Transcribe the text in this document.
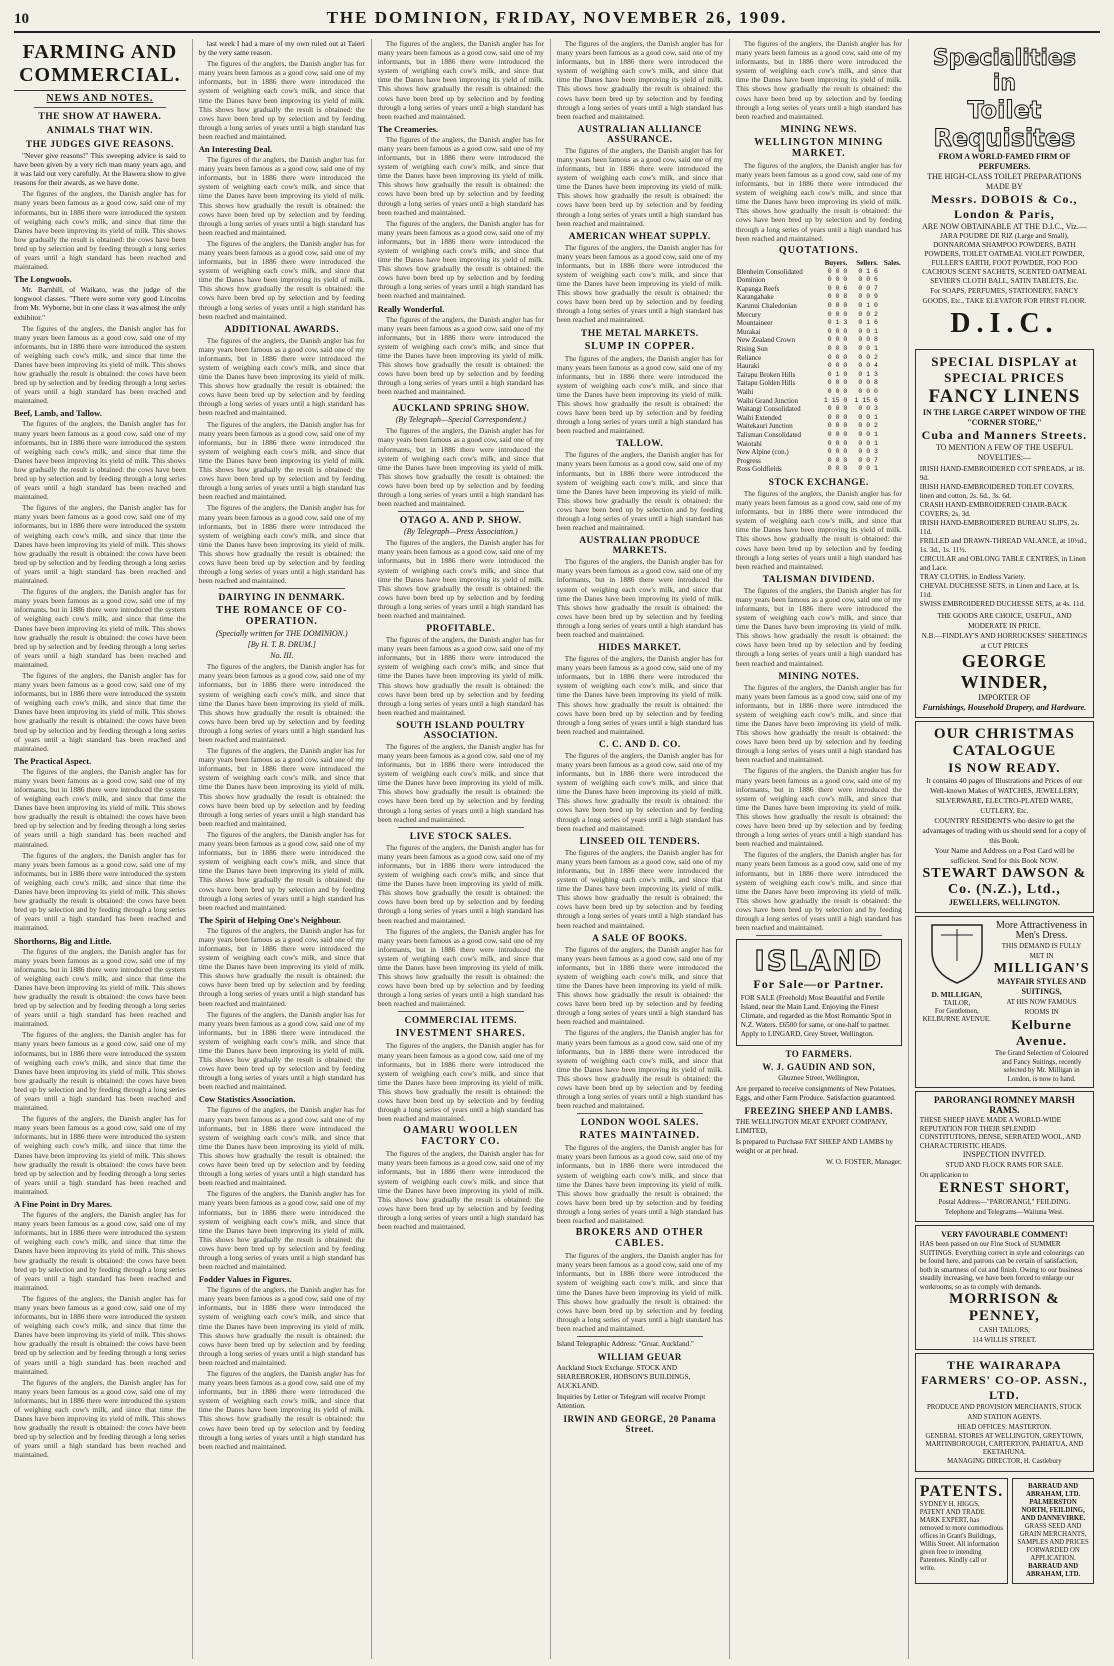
10	THE DOMINION, FRIDAY, NOVEMBER 26, 1909.
FARMING AND COMMERCIAL.
NEWS AND NOTES.
THE SHOW AT HAWERA.
ANIMALS THAT WIN.
THE JUDGES GIVE REASONS.

"Never give reasons!" This sweeping advice is said to have been given by a very rich man many years ago, and it was laid out very carefully. At the Hawera show to give reasons for their awards, as we have done.

The figures of the anglers, the Danish angler has for many years been famous as a good cow, said one of my informants, but in 1886 there were introduced the system of weighing each cow's milk, and since that time the Danes have been improving its yield of milk. This shows how gradually the result is obtained: the cows have been bred up by selection and by feeding through a long series of years until a high standard has been reached and maintained.

The Longwools.

Mr. Barnhill, of Waikato, was the judge of the longwool classes. "There were some very good Lincolns from Mr. Wyborne, but in one class it was almost the only exhibitor."

The figures of the anglers, the Danish angler has for many years been famous as a good cow, said one of my informants, but in 1886 there were introduced the system of weighing each cow's milk, and since that time the Danes have been improving its yield of milk. This shows how gradually the result is obtained: the cows have been bred up by selection and by feeding through a long series of years until a high standard has been reached and maintained.

Beef, Lamb, and Tallow.

The figures of the anglers, the Danish angler has for many years been famous as a good cow, said one of my informants, but in 1886 there were introduced the system of weighing each cow's milk, and since that time the Danes have been improving its yield of milk. This shows how gradually the result is obtained: the cows have been bred up by selection and by feeding through a long series of years until a high standard has been reached and maintained.

The figures of the anglers, the Danish angler has for many years been famous as a good cow, said one of my informants, but in 1886 there were introduced the system of weighing each cow's milk, and since that time the Danes have been improving its yield of milk. This shows how gradually the result is obtained: the cows have been bred up by selection and by feeding through a long series of years until a high standard has been reached and maintained.

The figures of the anglers, the Danish angler has for many years been famous as a good cow, said one of my informants, but in 1886 there were introduced the system of weighing each cow's milk, and since that time the Danes have been improving its yield of milk. This shows how gradually the result is obtained: the cows have been bred up by selection and by feeding through a long series of years until a high standard has been reached and maintained.

The figures of the anglers, the Danish angler has for many years been famous as a good cow, said one of my informants, but in 1886 there were introduced the system of weighing each cow's milk, and since that time the Danes have been improving its yield of milk. This shows how gradually the result is obtained: the cows have been bred up by selection and by feeding through a long series of years until a high standard has been reached and maintained.

The Practical Aspect.

The figures of the anglers, the Danish angler has for many years been famous as a good cow, said one of my informants, but in 1886 there were introduced the system of weighing each cow's milk, and since that time the Danes have been improving its yield of milk. This shows how gradually the result is obtained: the cows have been bred up by selection and by feeding through a long series of years until a high standard has been reached and maintained.

The figures of the anglers, the Danish angler has for many years been famous as a good cow, said one of my informants, but in 1886 there were introduced the system of weighing each cow's milk, and since that time the Danes have been improving its yield of milk. This shows how gradually the result is obtained: the cows have been bred up by selection and by feeding through a long series of years until a high standard has been reached and maintained.

Shorthorns, Big and Little.

The figures of the anglers, the Danish angler has for many years been famous as a good cow, said one of my informants, but in 1886 there were introduced the system of weighing each cow's milk, and since that time the Danes have been improving its yield of milk. This shows how gradually the result is obtained: the cows have been bred up by selection and by feeding through a long series of years until a high standard has been reached and maintained.

The figures of the anglers, the Danish angler has for many years been famous as a good cow, said one of my informants, but in 1886 there were introduced the system of weighing each cow's milk, and since that time the Danes have been improving its yield of milk. This shows how gradually the result is obtained: the cows have been bred up by selection and by feeding through a long series of years until a high standard has been reached and maintained.

The figures of the anglers, the Danish angler has for many years been famous as a good cow, said one of my informants, but in 1886 there were introduced the system of weighing each cow's milk, and since that time the Danes have been improving its yield of milk. This shows how gradually the result is obtained: the cows have been bred up by selection and by feeding through a long series of years until a high standard has been reached and maintained.

A Fine Point in Dry Mares.

The figures of the anglers, the Danish angler has for many years been famous as a good cow, said one of my informants, but in 1886 there were introduced the system of weighing each cow's milk, and since that time the Danes have been improving its yield of milk. This shows how gradually the result is obtained: the cows have been bred up by selection and by feeding through a long series of years until a high standard has been reached and maintained.

The figures of the anglers, the Danish angler has for many years been famous as a good cow, said one of my informants, but in 1886 there were introduced the system of weighing each cow's milk, and since that time the Danes have been improving its yield of milk. This shows how gradually the result is obtained: the cows have been bred up by selection and by feeding through a long series of years until a high standard has been reached and maintained.

The figures of the anglers, the Danish angler has for many years been famous as a good cow, said one of my informants, but in 1886 there were introduced the system of weighing each cow's milk, and since that time the Danes have been improving its yield of milk. This shows how gradually the result is obtained: the cows have been bred up by selection and by feeding through a long series of years until a high standard has been reached and maintained.

last week I had a mare of my own ruled out at Taieri by the very same reason.

The figures of the anglers, the Danish angler has for many years been famous as a good cow, said one of my informants, but in 1886 there were introduced the system of weighing each cow's milk, and since that time the Danes have been improving its yield of milk. This shows how gradually the result is obtained: the cows have been bred up by selection and by feeding through a long series of years until a high standard has been reached and maintained.

An Interesting Deal.

The figures of the anglers, the Danish angler has for many years been famous as a good cow, said one of my informants, but in 1886 there were introduced the system of weighing each cow's milk, and since that time the Danes have been improving its yield of milk. This shows how gradually the result is obtained: the cows have been bred up by selection and by feeding through a long series of years until a high standard has been reached and maintained.

The figures of the anglers, the Danish angler has for many years been famous as a good cow, said one of my informants, but in 1886 there were introduced the system of weighing each cow's milk, and since that time the Danes have been improving its yield of milk. This shows how gradually the result is obtained: the cows have been bred up by selection and by feeding through a long series of years until a high standard has been reached and maintained.

ADDITIONAL AWARDS.

The figures of the anglers, the Danish angler has for many years been famous as a good cow, said one of my informants, but in 1886 there were introduced the system of weighing each cow's milk, and since that time the Danes have been improving its yield of milk. This shows how gradually the result is obtained: the cows have been bred up by selection and by feeding through a long series of years until a high standard has been reached and maintained.

The figures of the anglers, the Danish angler has for many years been famous as a good cow, said one of my informants, but in 1886 there were introduced the system of weighing each cow's milk, and since that time the Danes have been improving its yield of milk. This shows how gradually the result is obtained: the cows have been bred up by selection and by feeding through a long series of years until a high standard has been reached and maintained.

The figures of the anglers, the Danish angler has for many years been famous as a good cow, said one of my informants, but in 1886 there were introduced the system of weighing each cow's milk, and since that time the Danes have been improving its yield of milk. This shows how gradually the result is obtained: the cows have been bred up by selection and by feeding through a long series of years until a high standard has been reached and maintained.

DAIRYING IN DENMARK.
THE ROMANCE OF CO-OPERATION.
(Specially written for THE DOMINION.)
[By H. T. B. DRUM.]
No. III.

The figures of the anglers, the Danish angler has for many years been famous as a good cow, said one of my informants, but in 1886 there were introduced the system of weighing each cow's milk, and since that time the Danes have been improving its yield of milk. This shows how gradually the result is obtained: the cows have been bred up by selection and by feeding through a long series of years until a high standard has been reached and maintained.

The figures of the anglers, the Danish angler has for many years been famous as a good cow, said one of my informants, but in 1886 there were introduced the system of weighing each cow's milk, and since that time the Danes have been improving its yield of milk. This shows how gradually the result is obtained: the cows have been bred up by selection and by feeding through a long series of years until a high standard has been reached and maintained.

The figures of the anglers, the Danish angler has for many years been famous as a good cow, said one of my informants, but in 1886 there were introduced the system of weighing each cow's milk, and since that time the Danes have been improving its yield of milk. This shows how gradually the result is obtained: the cows have been bred up by selection and by feeding through a long series of years until a high standard has been reached and maintained.

The Spirit of Helping One's Neighbour.

The figures of the anglers, the Danish angler has for many years been famous as a good cow, said one of my informants, but in 1886 there were introduced the system of weighing each cow's milk, and since that time the Danes have been improving its yield of milk. This shows how gradually the result is obtained: the cows have been bred up by selection and by feeding through a long series of years until a high standard has been reached and maintained.

The figures of the anglers, the Danish angler has for many years been famous as a good cow, said one of my informants, but in 1886 there were introduced the system of weighing each cow's milk, and since that time the Danes have been improving its yield of milk. This shows how gradually the result is obtained: the cows have been bred up by selection and by feeding through a long series of years until a high standard has been reached and maintained.

Cow Statistics Association.

The figures of the anglers, the Danish angler has for many years been famous as a good cow, said one of my informants, but in 1886 there were introduced the system of weighing each cow's milk, and since that time the Danes have been improving its yield of milk. This shows how gradually the result is obtained: the cows have been bred up by selection and by feeding through a long series of years until a high standard has been reached and maintained.

The figures of the anglers, the Danish angler has for many years been famous as a good cow, said one of my informants, but in 1886 there were introduced the system of weighing each cow's milk, and since that time the Danes have been improving its yield of milk. This shows how gradually the result is obtained: the cows have been bred up by selection and by feeding through a long series of years until a high standard has been reached and maintained.

Fodder Values in Figures.

The figures of the anglers, the Danish angler has for many years been famous as a good cow, said one of my informants, but in 1886 there were introduced the system of weighing each cow's milk, and since that time the Danes have been improving its yield of milk. This shows how gradually the result is obtained: the cows have been bred up by selection and by feeding through a long series of years until a high standard has been reached and maintained.

The figures of the anglers, the Danish angler has for many years been famous as a good cow, said one of my informants, but in 1886 there were introduced the system of weighing each cow's milk, and since that time the Danes have been improving its yield of milk. This shows how gradually the result is obtained: the cows have been bred up by selection and by feeding through a long series of years until a high standard has been reached and maintained.

The figures of the anglers, the Danish angler has for many years been famous as a good cow, said one of my informants, but in 1886 there were introduced the system of weighing each cow's milk, and since that time the Danes have been improving its yield of milk. This shows how gradually the result is obtained: the cows have been bred up by selection and by feeding through a long series of years until a high standard has been reached and maintained.

The Creameries.

The figures of the anglers, the Danish angler has for many years been famous as a good cow, said one of my informants, but in 1886 there were introduced the system of weighing each cow's milk, and since that time the Danes have been improving its yield of milk. This shows how gradually the result is obtained: the cows have been bred up by selection and by feeding through a long series of years until a high standard has been reached and maintained.

The figures of the anglers, the Danish angler has for many years been famous as a good cow, said one of my informants, but in 1886 there were introduced the system of weighing each cow's milk, and since that time the Danes have been improving its yield of milk. This shows how gradually the result is obtained: the cows have been bred up by selection and by feeding through a long series of years until a high standard has been reached and maintained.

Really Wonderful.

The figures of the anglers, the Danish angler has for many years been famous as a good cow, said one of my informants, but in 1886 there were introduced the system of weighing each cow's milk, and since that time the Danes have been improving its yield of milk. This shows how gradually the result is obtained: the cows have been bred up by selection and by feeding through a long series of years until a high standard has been reached and maintained.

AUCKLAND SPRING SHOW.
(By Telegraph—Special Correspondent.)

The figures of the anglers, the Danish angler has for many years been famous as a good cow, said one of my informants, but in 1886 there were introduced the system of weighing each cow's milk, and since that time the Danes have been improving its yield of milk. This shows how gradually the result is obtained: the cows have been bred up by selection and by feeding through a long series of years until a high standard has been reached and maintained.

OTAGO A. AND P. SHOW.
(By Telegraph—Press Association.)

The figures of the anglers, the Danish angler has for many years been famous as a good cow, said one of my informants, but in 1886 there were introduced the system of weighing each cow's milk, and since that time the Danes have been improving its yield of milk. This shows how gradually the result is obtained: the cows have been bred up by selection and by feeding through a long series of years until a high standard has been reached and maintained.

PROFITABLE.

The figures of the anglers, the Danish angler has for many years been famous as a good cow, said one of my informants, but in 1886 there were introduced the system of weighing each cow's milk, and since that time the Danes have been improving its yield of milk. This shows how gradually the result is obtained: the cows have been bred up by selection and by feeding through a long series of years until a high standard has been reached and maintained.

SOUTH ISLAND POULTRY ASSOCIATION.

The figures of the anglers, the Danish angler has for many years been famous as a good cow, said one of my informants, but in 1886 there were introduced the system of weighing each cow's milk, and since that time the Danes have been improving its yield of milk. This shows how gradually the result is obtained: the cows have been bred up by selection and by feeding through a long series of years until a high standard has been reached and maintained.

LIVE STOCK SALES.

The figures of the anglers, the Danish angler has for many years been famous as a good cow, said one of my informants, but in 1886 there were introduced the system of weighing each cow's milk, and since that time the Danes have been improving its yield of milk. This shows how gradually the result is obtained: the cows have been bred up by selection and by feeding through a long series of years until a high standard has been reached and maintained.

The figures of the anglers, the Danish angler has for many years been famous as a good cow, said one of my informants, but in 1886 there were introduced the system of weighing each cow's milk, and since that time the Danes have been improving its yield of milk. This shows how gradually the result is obtained: the cows have been bred up by selection and by feeding through a long series of years until a high standard has been reached and maintained.

COMMERCIAL ITEMS.
INVESTMENT SHARES.

The figures of the anglers, the Danish angler has for many years been famous as a good cow, said one of my informants, but in 1886 there were introduced the system of weighing each cow's milk, and since that time the Danes have been improving its yield of milk. This shows how gradually the result is obtained: the cows have been bred up by selection and by feeding through a long series of years until a high standard has been reached and maintained.

OAMARU WOOLLEN FACTORY CO.

The figures of the anglers, the Danish angler has for many years been famous as a good cow, said one of my informants, but in 1886 there were introduced the system of weighing each cow's milk, and since that time the Danes have been improving its yield of milk. This shows how gradually the result is obtained: the cows have been bred up by selection and by feeding through a long series of years until a high standard has been reached and maintained.

The figures of the anglers, the Danish angler has for many years been famous as a good cow, said one of my informants, but in 1886 there were introduced the system of weighing each cow's milk, and since that time the Danes have been improving its yield of milk. This shows how gradually the result is obtained: the cows have been bred up by selection and by feeding through a long series of years until a high standard has been reached and maintained.

AUSTRALIAN ALLIANCE ASSURANCE.

The figures of the anglers, the Danish angler has for many years been famous as a good cow, said one of my informants, but in 1886 there were introduced the system of weighing each cow's milk, and since that time the Danes have been improving its yield of milk. This shows how gradually the result is obtained: the cows have been bred up by selection and by feeding through a long series of years until a high standard has been reached and maintained.

AMERICAN WHEAT SUPPLY.

The figures of the anglers, the Danish angler has for many years been famous as a good cow, said one of my informants, but in 1886 there were introduced the system of weighing each cow's milk, and since that time the Danes have been improving its yield of milk. This shows how gradually the result is obtained: the cows have been bred up by selection and by feeding through a long series of years until a high standard has been reached and maintained.

THE METAL MARKETS.
SLUMP IN COPPER.

The figures of the anglers, the Danish angler has for many years been famous as a good cow, said one of my informants, but in 1886 there were introduced the system of weighing each cow's milk, and since that time the Danes have been improving its yield of milk. This shows how gradually the result is obtained: the cows have been bred up by selection and by feeding through a long series of years until a high standard has been reached and maintained.

TALLOW.

The figures of the anglers, the Danish angler has for many years been famous as a good cow, said one of my informants, but in 1886 there were introduced the system of weighing each cow's milk, and since that time the Danes have been improving its yield of milk. This shows how gradually the result is obtained: the cows have been bred up by selection and by feeding through a long series of years until a high standard has been reached and maintained.

AUSTRALIAN PRODUCE MARKETS.

The figures of the anglers, the Danish angler has for many years been famous as a good cow, said one of my informants, but in 1886 there were introduced the system of weighing each cow's milk, and since that time the Danes have been improving its yield of milk. This shows how gradually the result is obtained: the cows have been bred up by selection and by feeding through a long series of years until a high standard has been reached and maintained.

HIDES MARKET.

The figures of the anglers, the Danish angler has for many years been famous as a good cow, said one of my informants, but in 1886 there were introduced the system of weighing each cow's milk, and since that time the Danes have been improving its yield of milk. This shows how gradually the result is obtained: the cows have been bred up by selection and by feeding through a long series of years until a high standard has been reached and maintained.

C. C. AND D. CO.

The figures of the anglers, the Danish angler has for many years been famous as a good cow, said one of my informants, but in 1886 there were introduced the system of weighing each cow's milk, and since that time the Danes have been improving its yield of milk. This shows how gradually the result is obtained: the cows have been bred up by selection and by feeding through a long series of years until a high standard has been reached and maintained.

LINSEED OIL TENDERS.

The figures of the anglers, the Danish angler has for many years been famous as a good cow, said one of my informants, but in 1886 there were introduced the system of weighing each cow's milk, and since that time the Danes have been improving its yield of milk. This shows how gradually the result is obtained: the cows have been bred up by selection and by feeding through a long series of years until a high standard has been reached and maintained.

A SALE OF BOOKS.

The figures of the anglers, the Danish angler has for many years been famous as a good cow, said one of my informants, but in 1886 there were introduced the system of weighing each cow's milk, and since that time the Danes have been improving its yield of milk. This shows how gradually the result is obtained: the cows have been bred up by selection and by feeding through a long series of years until a high standard has been reached and maintained.

The figures of the anglers, the Danish angler has for many years been famous as a good cow, said one of my informants, but in 1886 there were introduced the system of weighing each cow's milk, and since that time the Danes have been improving its yield of milk. This shows how gradually the result is obtained: the cows have been bred up by selection and by feeding through a long series of years until a high standard has been reached and maintained.

LONDON WOOL SALES.
RATES MAINTAINED.

The figures of the anglers, the Danish angler has for many years been famous as a good cow, said one of my informants, but in 1886 there were introduced the system of weighing each cow's milk, and since that time the Danes have been improving its yield of milk. This shows how gradually the result is obtained: the cows have been bred up by selection and by feeding through a long series of years until a high standard has been reached and maintained.

BROKERS AND OTHER CABLES.

The figures of the anglers, the Danish angler has for many years been famous as a good cow, said one of my informants, but in 1886 there were introduced the system of weighing each cow's milk, and since that time the Danes have been improving its yield of milk. This shows how gradually the result is obtained: the cows have been bred up by selection and by feeding through a long series of years until a high standard has been reached and maintained.

Island Telegraphic Address: "Gruar, Auckland."
WILLIAM GEUAR
Auckland Stock Exchange. STOCK AND SHAREBROKER, HOBSON'S BUILDINGS, AUCKLAND.
Inquiries by Letter or Telegram will receive Prompt Attention.
IRWIN AND GEORGE, 20 Panama Street.

The figures of the anglers, the Danish angler has for many years been famous as a good cow, said one of my informants, but in 1886 there were introduced the system of weighing each cow's milk, and since that time the Danes have been improving its yield of milk. This shows how gradually the result is obtained: the cows have been bred up by selection and by feeding through a long series of years until a high standard has been reached and maintained.

MINING NEWS.
WELLINGTON MINING MARKET.

The figures of the anglers, the Danish angler has for many years been famous as a good cow, said one of my informants, but in 1886 there were introduced the system of weighing each cow's milk, and since that time the Danes have been improving its yield of milk. This shows how gradually the result is obtained: the cows have been bred up by selection and by feeding through a long series of years until a high standard has been reached and maintained.

QUOTATIONS.
	Buyers.	Sellers.	Sales.
Blenheim Consolidated	0 0 0	0 1 6	
Dominion	0 0 0	0 0 6	
Kapanga Reefs	0 0 6	0 0 7	
Karangahake	0 0 8	0 0 9	
Karunui Chaledonian	0 0 0	0 1 0	
Mercury	0 0 0	0 0 2	
Mountaineer	0 1 3	0 1 6	
Murakai	0 0 0	0 0 1	
New Zealand Crown	0 0 0	0 0 8	
Rising Sun	0 0 0	0 0 1	
Reliance	0 0 0	0 0 2	
Hauraki	0 0 0	0 0 4	
Taitapu Broken Hills	0 1 0	0 1 3	
Taitapu Golden Hills	0 0 0	0 0 8	
Waihi	0 0 0	0 0 0	
Waihi Grand Junction	1 15 0	1 15 6	
Waitangi Consolidated	0 0 0	0 0 3	
Waihi Extended	0 0 0	0 0 1	
Waitekauri Junction	0 0 0	0 0 2	
Talisman Consolidated	0 0 0	0 0 1	
Waiotahi	0 0 0	0 0 1	
New Alpine (con.)	0 0 0	0 0 3	
Progress	0 0 0	0 0 7	
Ross Goldfields	0 0 0	0 0 1	
STOCK EXCHANGE.

The figures of the anglers, the Danish angler has for many years been famous as a good cow, said one of my informants, but in 1886 there were introduced the system of weighing each cow's milk, and since that time the Danes have been improving its yield of milk. This shows how gradually the result is obtained: the cows have been bred up by selection and by feeding through a long series of years until a high standard has been reached and maintained.

TALISMAN DIVIDEND.

The figures of the anglers, the Danish angler has for many years been famous as a good cow, said one of my informants, but in 1886 there were introduced the system of weighing each cow's milk, and since that time the Danes have been improving its yield of milk. This shows how gradually the result is obtained: the cows have been bred up by selection and by feeding through a long series of years until a high standard has been reached and maintained.

MINING NOTES.

The figures of the anglers, the Danish angler has for many years been famous as a good cow, said one of my informants, but in 1886 there were introduced the system of weighing each cow's milk, and since that time the Danes have been improving its yield of milk. This shows how gradually the result is obtained: the cows have been bred up by selection and by feeding through a long series of years until a high standard has been reached and maintained.

The figures of the anglers, the Danish angler has for many years been famous as a good cow, said one of my informants, but in 1886 there were introduced the system of weighing each cow's milk, and since that time the Danes have been improving its yield of milk. This shows how gradually the result is obtained: the cows have been bred up by selection and by feeding through a long series of years until a high standard has been reached and maintained.

The figures of the anglers, the Danish angler has for many years been famous as a good cow, said one of my informants, but in 1886 there were introduced the system of weighing each cow's milk, and since that time the Danes have been improving its yield of milk. This shows how gradually the result is obtained: the cows have been bred up by selection and by feeding through a long series of years until a high standard has been reached and maintained.

ISLAND
For Sale—or Partner.
FOR SALE (Freehold) Most Beautiful and Fertile Island, near the Main Land. Enjoying the Finest Climate, and regarded as the Most Romantic Spot in N.Z. Waters. £6500 for same, or one-half to partner. Apply to LINGARD, Grey Street, Wellington.
TO FARMERS.
W. J. GAUDIN AND SON,
Ghuznee Street, Wellington,
Are prepared to receive consignments of New Potatoes, Eggs, and other Farm Produce. Satisfaction guaranteed.
FREEZING SHEEP AND LAMBS.
THE WELLINGTON MEAT EXPORT COMPANY, LIMITED,
Is prepared to Purchase FAT SHEEP AND LAMBS by weight or at per head.
W. O. FOSTER, Manager.
Specialities in
Toilet Requisites
FROM A WORLD-FAMED FIRM OF PERFUMERS.
THE HIGH-CLASS TOILET PREPARATIONS MADE BY
Messrs. DOBOIS & Co., London & Paris,
ARE NOW OBTAINABLE AT THE D.I.C., Viz.—
JARA POUDRE DE RIZ (Large and Small), DONNAROMA SHAMPOO POWDERS, BATH POWDERS, TOILET OATMEAL VIOLET POWDER, FULLER'S EARTH, FOOT POWDER, FOO FOO CACHOUS SCENT SACHETS, SCENTED OATMEAL SEVIER'S CLOTH BALL, SATIN TABLETS, Etc.
For SOAPS, PERFUMES, STATIONERY, FANCY GOODS, Etc., TAKE ELEVATOR FOR FIRST FLOOR.
D.I.C.
SPECIAL DISPLAY at SPECIAL PRICES
FANCY LINENS
IN THE LARGE CARPET WINDOW OF THE "CORNER STORE,"
Cuba and Manners Streets.
TO MENTION A FEW OF THE USEFUL NOVELTIES:—
IRISH HAND-EMBROIDERED COT SPREADS, at 18. 9d.
IRISH HAND-EMBROIDERED TOILET COVERS, linen and cotton, 2s. 6d., 3s. 6d.
CRASH HAND-EMBROIDERED CHAIR-BACK COVERS, 2s. 3d.
IRISH HAND-EMBROIDERED BUREAU SLIPS, 2s. 11d.
FRILLED and DRAWN-THREAD VALANCE, at 10½d., 1s. 3d., 1s. 11½.
CIRCULAR and OBLONG TABLE CENTRES, in Linen and Lace.
TRAY CLOTHS, in Endless Variety.
CHEVAL DUCHESSE SETS, in Linen and Lace, at 1s. 11d.
SWISS EMBROIDERED DUCHESSE SETS, at 4s. 11d.
THE GOODS ARE CHOICE, USEFUL, AND MODERATE IN PRICE.
N.B.—FINDLAY'S AND HORROCKSES' SHEETINGS at CUT PRICES
GEORGE WINDER,
IMPORTER OF
Furnishings, Household Drapery, and Hardware.
OUR CHRISTMAS CATALOGUE
IS NOW READY.
It contains 40 pages of Illustrations and Prices of our Well-known Makes of WATCHES, JEWELLERY, SILVERWARE, ELECTRO-PLATED WARE, CUTLERY, Etc.
COUNTRY RESIDENTS who desire to get the advantages of trading with us should send for a copy of this Book.
Your Name and Address on a Post Card will be sufficient. Send for this Book NOW.
STEWART DAWSON & Co. (N.Z.), Ltd.,
JEWELLERS, WELLINGTON.
D. MILLIGAN,
TAILOR,
For Gentlemen,
KELBURNE AVENUE.
More Attractiveness in Men's Dress.
THIS DEMAND IS FULLY MET IN
MILLIGAN'S
MAYFAIR STYLES AND SUITINGS,
AT HIS NOW FAMOUS ROOMS IN
Kelburne Avenue.
The Grand Selection of Coloured and Fancy Suitings, recently selected by Mr. Milligan in London, is now to hand.
PARORANGI ROMNEY MARSH RAMS.
THESE SHEEP HAVE MADE A WORLD-WIDE REPUTATION FOR THEIR SPLENDID CONSTITUTIONS, DENSE, SERRATED WOOL, AND CHARACTERISTIC HEADS.
INSPECTION INVITED.
STUD AND FLOCK RAMS FOR SALE.
On application to
ERNEST SHORT,
Postal Address—"PARORANGI," FEILDING.
Telephone and Telegrams—Waituna West.
VERY FAVOURABLE COMMENT!
HAS been passed on our Fine Stock of SUMMER SUITINGS. Everything correct in style and colourings can be found here, and patrons can be certain of satisfaction, both in smartness of cut and finish. Owing to our business steadily increasing, we have been forced to enlarge our workrooms, so as to comply with demands.
MORRISON & PENNEY,
CASH TAILORS,
114 WILLIS STREET.
THE WAIRARAPA FARMERS' CO-OP. ASSN., LTD.
PRODUCE AND PROVISION MERCHANTS, STOCK AND STATION AGENTS.
HEAD OFFICES: MASTERTON.
GENERAL STORES AT WELLINGTON, GREYTOWN, MARTINBOROUGH, CARTERTON, PAHIATUA, AND EKETAHUNA.
MANAGING DIRECTOR, H. Castlebury
PATENTS.
SYDNEY H. HIGGS, PATENT AND TRADE MARK EXPERT, has removed to more commodious offices in Grant's Buildings, Willis Street. All information given free to intending Patentees. Kindly call or write.
BARRAUD AND ABRAHAM, LTD. PALMERSTON NORTH, FEILDING, AND DANNEVIRKE.
GRASS SEED AND GRAIN MERCHANTS, SAMPLES AND PRICES FORWARDED ON APPLICATION.
BARRAUD AND ABRAHAM, LTD.
